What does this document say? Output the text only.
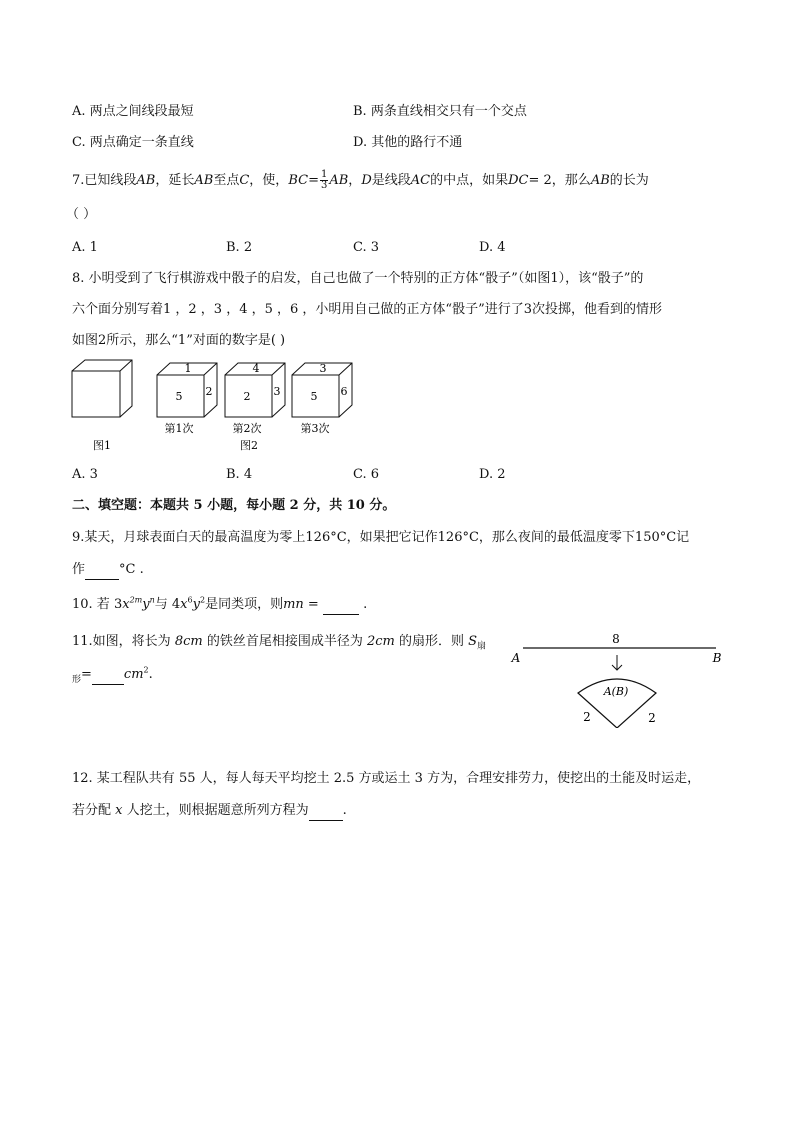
A. 两点之间线段最短	B. 两条直线相交只有一个交点
C. 两点确定一条直线	D. 其他的路行不通
7.已知线段AB，延长AB至点C，使，$BC= \frac{1}{3}$ AB，D是线段AC的中点，如果DC= 2，那么AB的长为
（ ）
A. 1	B. 2	C. 3	D. 4
8. 小明受到了飞行棋游戏中骰子的启发，自己也做了一个特别的正方体“骰子”（如图1），该“骰子”的
六个面分别写着1 ，2 ，3 ，4 ，5 ，6 ，小明用自己做的正方体“骰子”进行了3次投掷，他看到的情形
如图2所示，那么“1”对面的数字是( )
图1
1
5 2
第1次
4
2 3
第2次
图2
3
5 6
第3次
A. 3	B. 4	C. 6	D. 2
二、填空题：本题共 5 小题，每小题 2 分，共 10 分。
9.某天，月球表面白天的最高温度为零上126°C，如果把它记作126°C，那么夜间的最低温度零下150°C记
作	°C .
10. 若 $3x^{2m}y^n$与 $4x^6y^2$是同类项，则mn =	.
11.如图，将长为 8cm 的铁丝首尾相接围成半径为 2cm 的扇形．则 $S_扇$
$^形= cm^2$.
8
A	B
A(B)
2	2
12. 某工程队共有 55 人，每人每天平均挖土 2.5 方或运土 3 方为，合理安排劳力，使挖出的土能及时运走，
若分配 x 人挖土，则根据题意所列方程为	.
